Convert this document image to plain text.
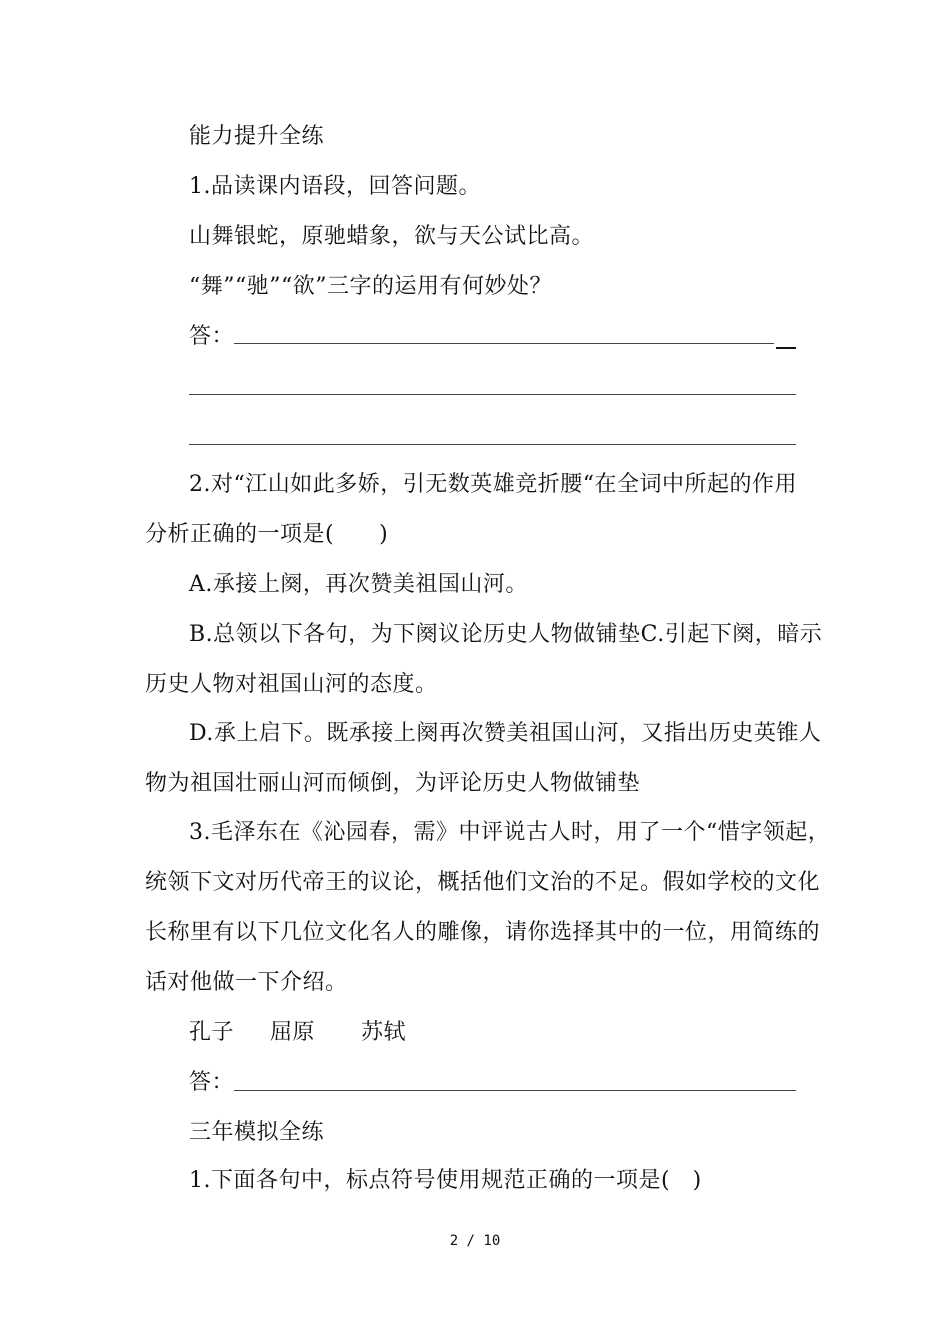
能力提升全练
1.品读课内语段，回答问题。
山舞银蛇，原驰蜡象，欲与天公试比高。
“舞”“驰”“欲”三字的运用有何妙处？
答：
2.对“江山如此多娇，引无数英雄竞折腰“在全词中所起的作用
分析正确的一项是(　　)
A.承接上阕，再次赞美祖国山河。
B.总领以下各句，为下阕议论历史人物做铺垫C.引起下阕，暗示
历史人物对祖国山河的态度。
D.承上启下。既承接上阕再次赞美祖国山河，又指出历史英锥人
物为祖国壮丽山河而倾倒，为评论历史人物做铺垫
3.毛泽东在《沁园春，需》中评说古人时，用了一个“惜字领起，
统领下文对历代帝王的议论，概括他们文治的不足。假如学校的文化
长称里有以下几位文化名人的雕像，请你选择其中的一位，用简练的
话对他做一下介绍。
孔子 屈原 苏轼
答：
三年模拟全练
1.下面各句中，标点符号使用规范正确的一项是(　)
2 / 10
